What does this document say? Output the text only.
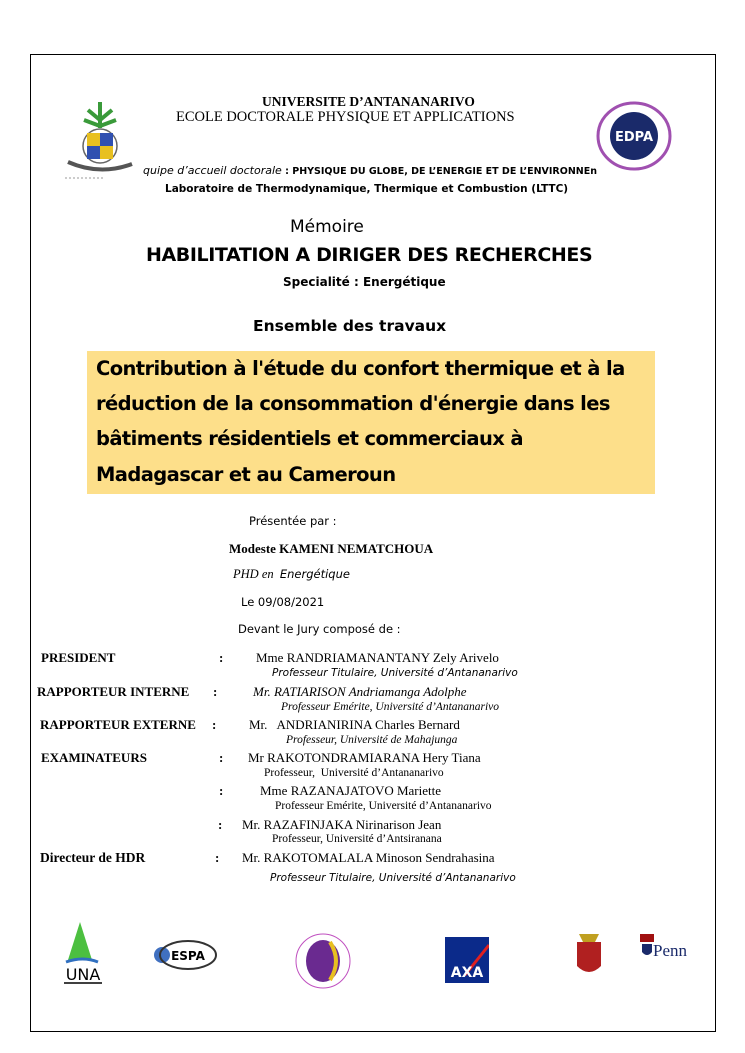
EDPA
UNIVERSITE D’ANTANANARIVO
ECOLE DOCTORALE PHYSIQUE ET APPLICATIONS
quipe d’accueil doctorale : PHYSIQUE DU GLOBE, DE L’ENERGIE ET DE L’ENVIRONNEn
Laboratoire de Thermodynamique, Thermique et Combustion (LTTC)
Mémoire
HABILITATION A DIRIGER DES RECHERCHES
Specialité : Energétique
Ensemble des travaux
Contribution à l'étude du confort thermique et à la
réduction de la consommation d'énergie dans les
bâtiments résidentiels et commerciaux à
Madagascar et au Cameroun
Présentée par :
Modeste KAMENI NEMATCHOUA
PHD en Energétique
Le 09/08/2021
Devant le Jury composé de :
PRESIDENT	:	Mme RANDRIAMANANTANY Zely Arivelo
Professeur Titulaire, Université d’Antananarivo
RAPPORTEUR INTERNE :	Mr. RATIARISON Andriamanga Adolphe
Professeur Emérite, Université d’Antananarivo
RAPPORTEUR EXTERNE :	Mr.   ANDRIANIRINA Charles Bernard
Professeur, Université de Mahajunga
EXAMINATEURS	: Mr RAKOTONDRAMIARANA Hery Tiana
Professeur,  Université d’Antananarivo
:	Mme RAZANAJATOVO Mariette
Professeur Emérite, Université d’Antananarivo
: Mr. RAZAFINJAKA Nirinarison Jean
Professeur, Université d’Antsiranana
Directeur de HDR	: Mr. RAKOTOMALALA Minoson Sendrahasina
Professeur Titulaire, Université d’Antananarivo
UNA
ESPA
AXA
Penn
